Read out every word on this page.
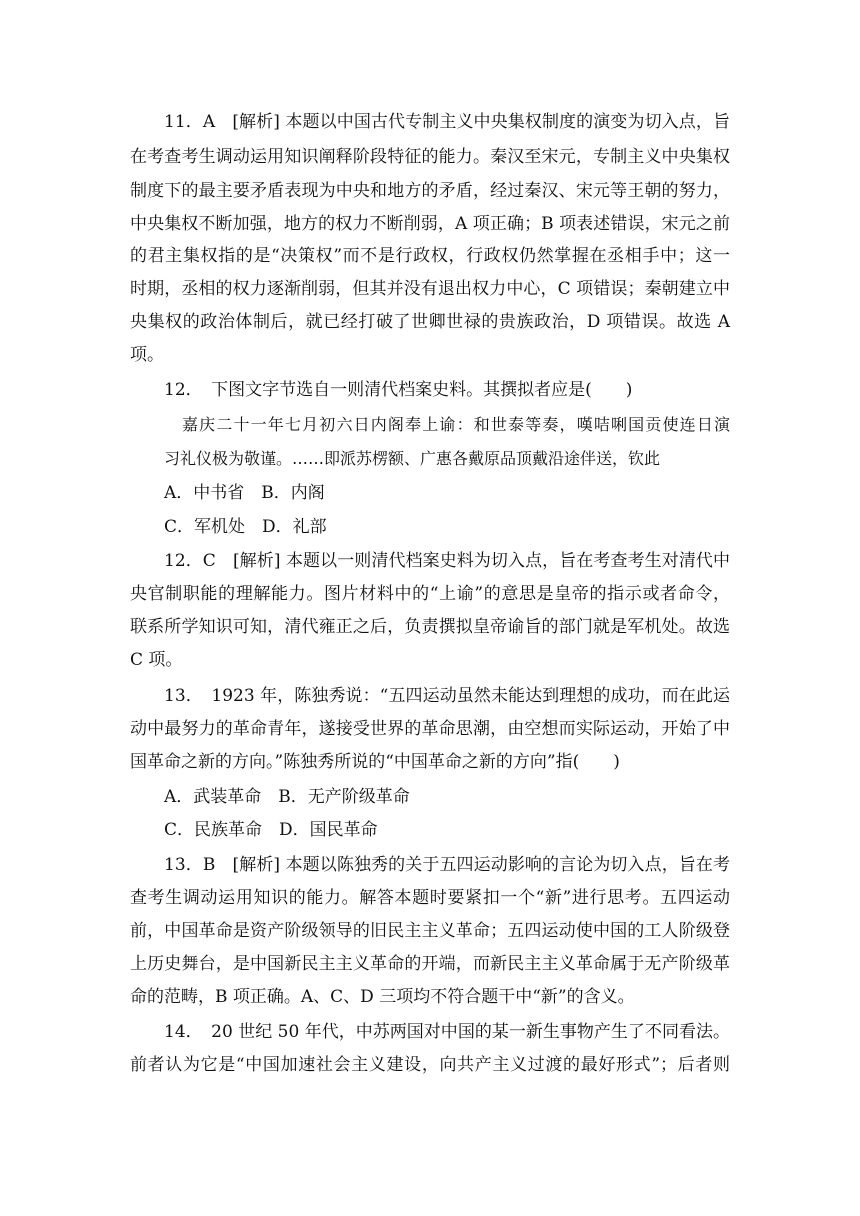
11．A　[解析] 本题以中国古代专制主义中央集权制度的演变为切入点，旨
在考查考生调动运用知识阐释阶段特征的能力。秦汉至宋元，专制主义中央集权
制度下的最主要矛盾表现为中央和地方的矛盾，经过秦汉、宋元等王朝的努力，
中央集权不断加强，地方的权力不断削弱，A 项正确；B 项表述错误，宋元之前
的君主集权指的是“决策权”而不是行政权，行政权仍然掌握在丞相手中；这一
时期，丞相的权力逐渐削弱，但其并没有退出权力中心，C 项错误；秦朝建立中
央集权的政治体制后，就已经打破了世卿世禄的贵族政治，D 项错误。故选 A
项。
12．　下图文字节选自一则清代档案史料。其撰拟者应是(　　)
嘉庆二十一年七月初六日内阁奉上谕：和世泰等奏，嘆咭唎国贡使连日演
习礼仪极为敬谨。……即派苏楞额、广惠各戴原品顶戴沿途伴送，钦此
A．中书省　B．内阁
C．军机处　D．礼部
12．C　[解析] 本题以一则清代档案史料为切入点，旨在考查考生对清代中
央官制职能的理解能力。图片材料中的“上谕”的意思是皇帝的指示或者命令，
联系所学知识可知，清代雍正之后，负责撰拟皇帝谕旨的部门就是军机处。故选
C 项。
13．　1923 年，陈独秀说：“五四运动虽然未能达到理想的成功，而在此运
动中最努力的革命青年，遂接受世界的革命思潮，由空想而实际运动，开始了中
国革命之新的方向。”陈独秀所说的“中国革命之新的方向”指(　　)
A．武装革命　B．无产阶级革命
C．民族革命　D．国民革命
13．B　[解析] 本题以陈独秀的关于五四运动影响的言论为切入点，旨在考
查考生调动运用知识的能力。解答本题时要紧扣一个“新”进行思考。五四运动
前，中国革命是资产阶级领导的旧民主主义革命；五四运动使中国的工人阶级登
上历史舞台，是中国新民主主义革命的开端，而新民主主义革命属于无产阶级革
命的范畴，B 项正确。A、C、D 三项均不符合题干中“新”的含义。
14．　20 世纪 50 年代，中苏两国对中国的某一新生事物产生了不同看法。
前者认为它是“中国加速社会主义建设，向共产主义过渡的最好形式”；后者则
